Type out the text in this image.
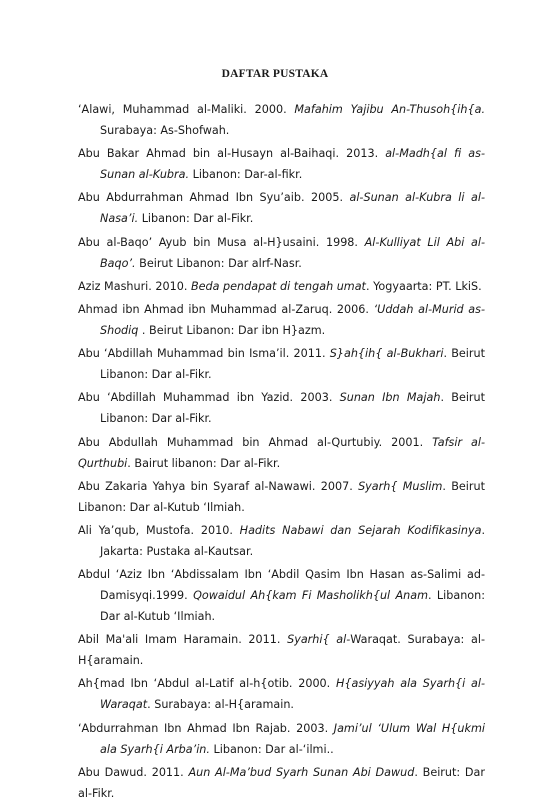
DAFTAR PUSTAKA

‘Alawi, Muhammad al-Maliki. 2000. Mafahim Yajibu An-Thusoh{ih{a. Surabaya: As-Shofwah.

Abu Bakar Ahmad bin al-Husayn al-Baihaqi. 2013. al-Madh{al fi as-Sunan al-Kubra. Libanon: Dar-al-fikr.

Abu Abdurrahman Ahmad Ibn Syu’aib. 2005. al-Sunan al-Kubra li al-Nasa’i. Libanon: Dar al-Fikr.

Abu al-Baqo’ Ayub bin Musa al-H}usaini. 1998. Al-Kulliyat Lil Abi al-Baqo’. Beirut Libanon: Dar alrf-Nasr.

Aziz Mashuri. 2010. Beda pendapat di tengah umat. Yogyaarta: PT. LkiS.

Ahmad ibn Ahmad ibn Muhammad al-Zaruq. 2006. ‘Uddah al-Murid as-Shodiq . Beirut Libanon: Dar ibn H}azm.

Abu ‘Abdillah Muhammad bin Isma’il. 2011. S}ah{ih{ al-Bukhari. Beirut Libanon: Dar al-Fikr.

Abu ‘Abdillah Muhammad ibn Yazid. 2003. Sunan Ibn Majah. Beirut Libanon: Dar al-Fikr.

Abu Abdullah Muhammad bin Ahmad al-Qurtubiy. 2001. Tafsir al-Qurthubi. Bairut libanon: Dar al-Fikr.

Abu Zakaria Yahya bin Syaraf al-Nawawi. 2007. Syarh{ Muslim. Beirut Libanon: Dar al-Kutub ‘Ilmiah.

Ali Ya’qub, Mustofa. 2010. Hadits Nabawi dan Sejarah Kodifikasinya. Jakarta: Pustaka al-Kautsar.

Abdul ‘Aziz Ibn ‘Abdissalam Ibn ‘Abdil Qasim Ibn Hasan as-Salimi ad-Damisyqi.1999. Qowaidul Ah{kam Fi Masholikh{ul Anam. Libanon: Dar al-Kutub ‘Ilmiah.

Abil Ma'ali Imam Haramain. 2011. Syarhi{ al-Waraqat. Surabaya: al-H{aramain.

Ah{mad Ibn ‘Abdul al-Latif al-h{otib. 2000. H{asiyyah ala Syarh{i al-Waraqat. Surabaya: al-H{aramain.

‘Abdurrahman Ibn Ahmad Ibn Rajab. 2003. Jami’ul ‘Ulum Wal H{ukmi ala Syarh{i Arba’in. Libanon: Dar al-‘ilmi..

Abu Dawud. 2011. Aun Al-Ma’bud Syarh Sunan Abi Dawud. Beirut: Dar al-Fikr.
